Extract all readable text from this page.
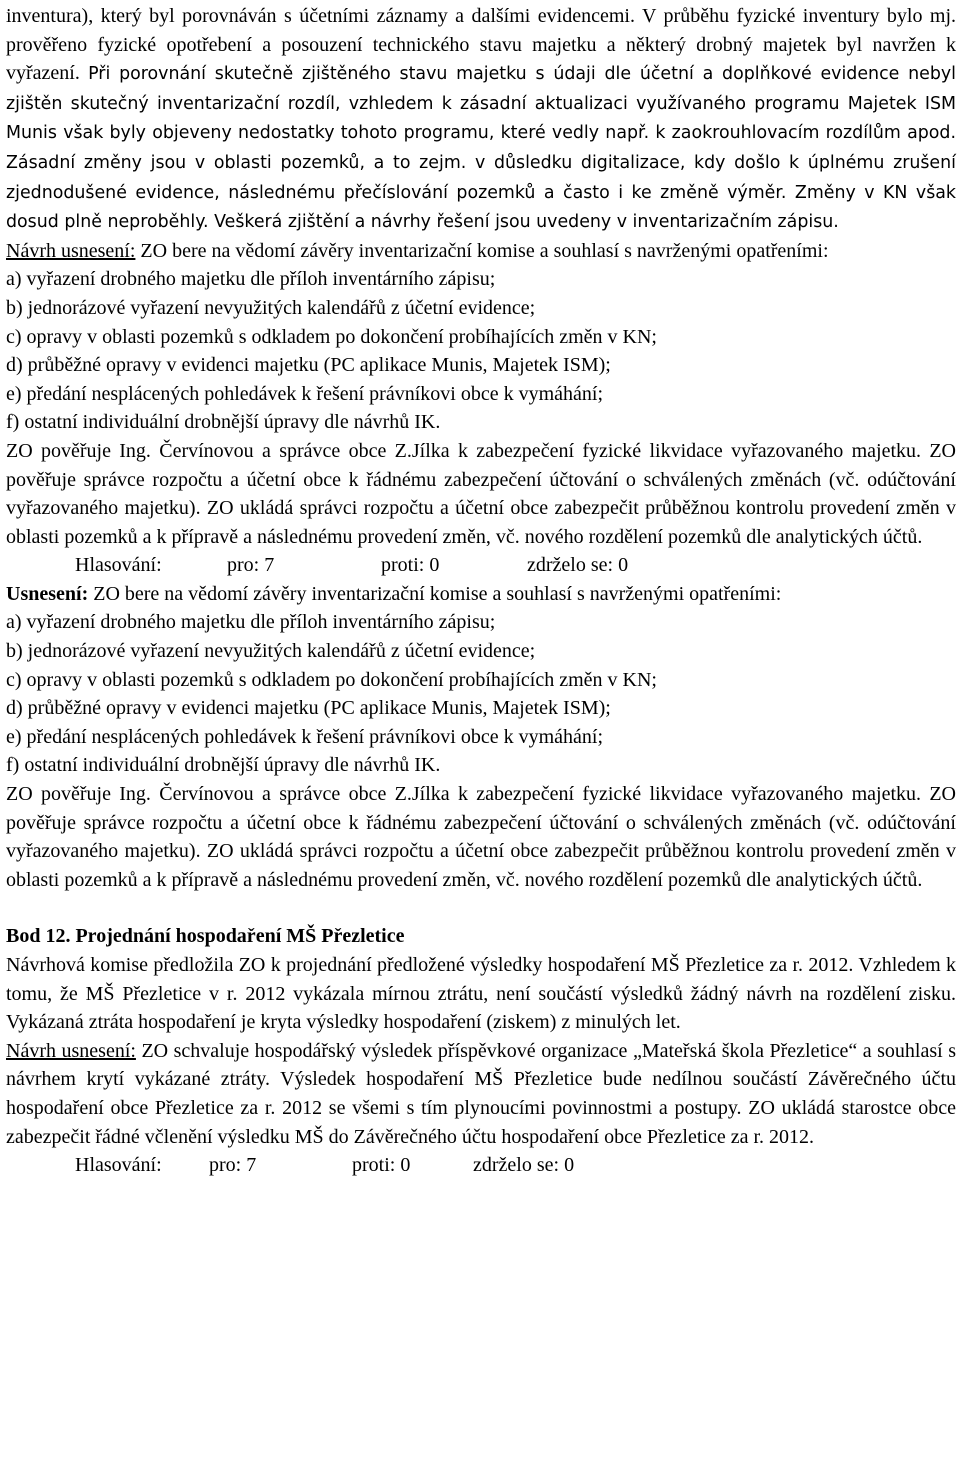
inventura), který byl porovnáván s účetními záznamy a dalšími evidencemi. V průběhu fyzické inventury bylo mj. prověřeno fyzické opotřebení a posouzení technického stavu majetku a některý drobný majetek byl navržen k vyřazení. Při porovnání skutečně zjištěného stavu majetku s údaji dle účetní a doplňkové evidence nebyl zjištěn skutečný inventarizační rozdíl, vzhledem k zásadní aktualizaci využívaného programu Majetek ISM Munis však byly objeveny nedostatky tohoto programu, které vedly např. k zaokrouhlovacím rozdílům apod. Zásadní změny jsou v oblasti pozemků, a to zejm. v důsledku digitalizace, kdy došlo k úplnému zrušení zjednodušené evidence, následnému přečíslování pozemků a často i ke změně výměr. Změny v KN však dosud plně neproběhly. Veškerá zjištění a návrhy řešení jsou uvedeny v inventarizačním zápisu.

Návrh usnesení: ZO bere na vědomí závěry inventarizační komise a souhlasí s navrženými opatřeními:

a) vyřazení drobného majetku dle příloh inventárního zápisu;
b) jednorázové vyřazení nevyužitých kalendářů z účetní evidence;
c) opravy v oblasti pozemků s odkladem po dokončení probíhajících změn v KN;
d) průběžné opravy v evidenci majetku (PC aplikace Munis, Majetek ISM);
e) předání nesplácených pohledávek k řešení právníkovi obce k vymáhání;
f) ostatní individuální drobnější úpravy dle návrhů IK.

ZO pověřuje Ing. Červínovou a správce obce Z.Jílka k zabezpečení fyzické likvidace vyřazovaného majetku. ZO pověřuje správce rozpočtu a účetní obce k řádnému zabezpečení účtování o schválených změnách (vč. odúčtování vyřazovaného majetku). ZO ukládá správci rozpočtu a účetní obce zabezpečit průběžnou kontrolu provedení změn v oblasti pozemků a k přípravě a následnému provedení změn, vč. nového rozdělení pozemků dle analytických účtů.

Hlasování:	pro: 7	proti: 0	zdrželo se: 0

Usnesení: ZO bere na vědomí závěry inventarizační komise a souhlasí s navrženými opatřeními:

a) vyřazení drobného majetku dle příloh inventárního zápisu;
b) jednorázové vyřazení nevyužitých kalendářů z účetní evidence;
c) opravy v oblasti pozemků s odkladem po dokončení probíhajících změn v KN;
d) průběžné opravy v evidenci majetku (PC aplikace Munis, Majetek ISM);
e) předání nesplácených pohledávek k řešení právníkovi obce k vymáhání;
f) ostatní individuální drobnější úpravy dle návrhů IK.

ZO pověřuje Ing. Červínovou a správce obce Z.Jílka k zabezpečení fyzické likvidace vyřazovaného majetku. ZO pověřuje správce rozpočtu a účetní obce k řádnému zabezpečení účtování o schválených změnách (vč. odúčtování vyřazovaného majetku). ZO ukládá správci rozpočtu a účetní obce zabezpečit průběžnou kontrolu provedení změn v oblasti pozemků a k přípravě a následnému provedení změn, vč. nového rozdělení pozemků dle analytických účtů.

Bod 12. Projednání hospodaření MŠ Přezletice

Návrhová komise předložila ZO k projednání předložené výsledky hospodaření MŠ Přezletice za r. 2012. Vzhledem k tomu, že MŠ Přezletice v r. 2012 vykázala mírnou ztrátu, není součástí výsledků žádný návrh na rozdělení zisku. Vykázaná ztráta hospodaření je kryta výsledky hospodaření (ziskem) z minulých let.

Návrh usnesení: ZO schvaluje hospodářský výsledek příspěvkové organizace „Mateřská škola Přezletice“ a souhlasí s návrhem krytí vykázané ztráty. Výsledek hospodaření MŠ Přezletice bude nedílnou součástí Závěrečného účtu hospodaření obce Přezletice za r. 2012 se všemi s tím plynoucími povinnostmi a postupy. ZO ukládá starostce obce zabezpečit řádné včlenění výsledku MŠ do Závěrečného účtu hospodaření obce Přezletice za r. 2012.

Hlasování: pro: 7	proti: 0	zdrželo se: 0
